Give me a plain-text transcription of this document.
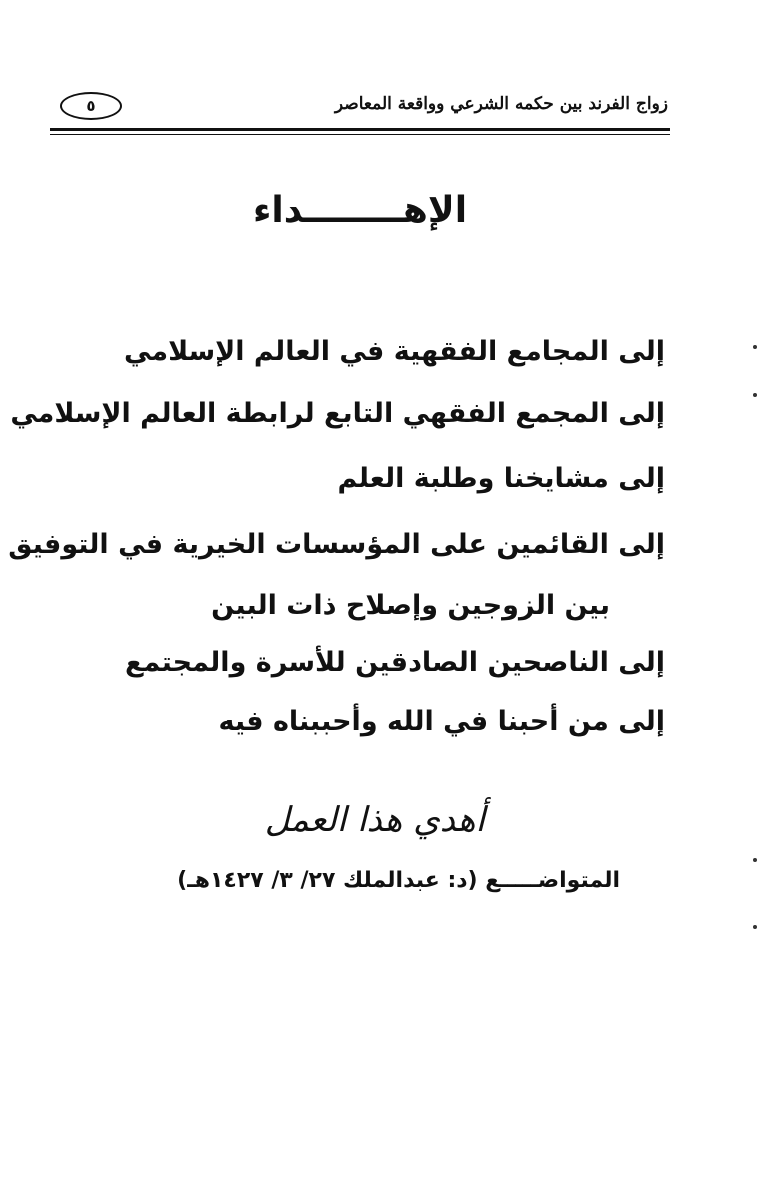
زواج الفرند بين حكمه الشرعي وواقعة المعاصر
٥
الإهــــــــداء
إلى المجامع الفقهية في العالم الإسلامي
إلى المجمع الفقهي التابع لرابطة العالم الإسلامي
إلى مشايخنا وطلبة العلم
إلى القائمين على المؤسسات الخيرية في التوفيق
بين الزوجين وإصلاح ذات البين
إلى الناصحين الصادقين للأسرة والمجتمع
إلى من أحبنا في الله وأحببناه فيه
أهدي هذا العمل
المتواضـــــع (د: عبدالملك ٢٧/ ٣/ ١٤٢٧هـ)
